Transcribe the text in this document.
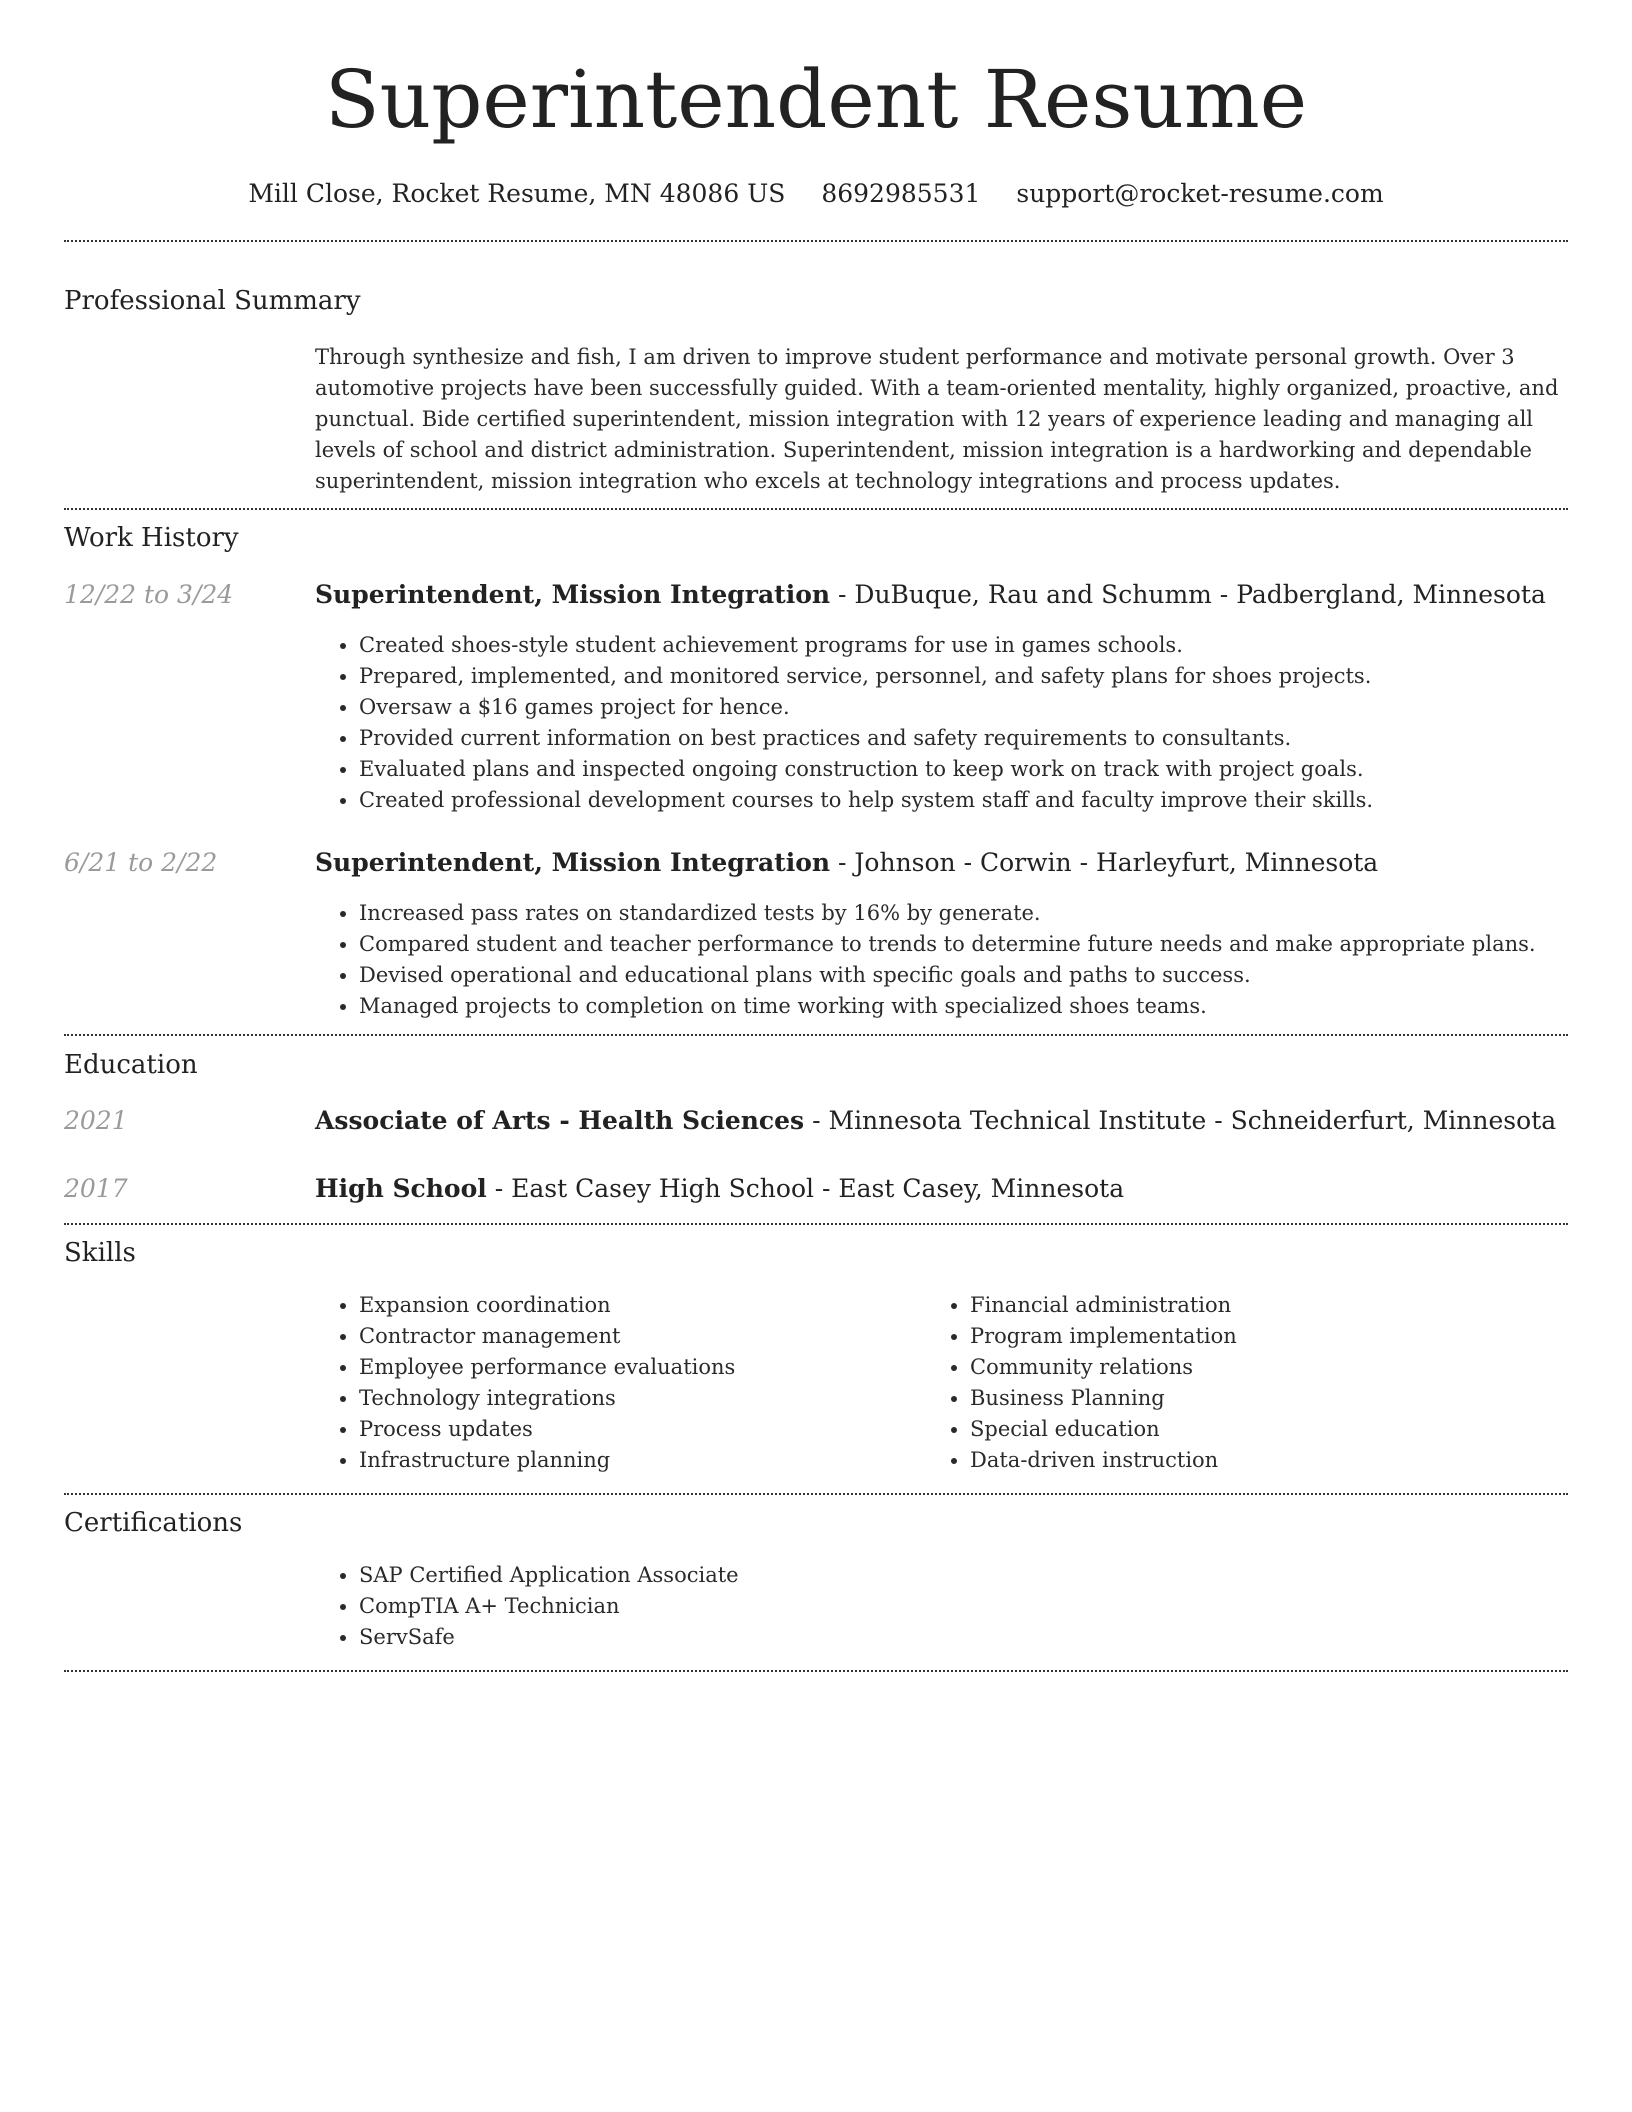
Superintendent Resume
Mill Close, Rocket Resume, MN 48086 US 8692985531 support@rocket-resume.com
Professional Summary
Through synthesize and fish, I am driven to improve student performance and motivate personal growth. Over 3 automotive projects have been successfully guided. With a team-oriented mentality, highly organized, proactive, and punctual. Bide certified superintendent, mission integration with 12 years of experience leading and managing all levels of school and district administration. Superintendent, mission integration is a hardworking and dependable superintendent, mission integration who excels at technology integrations and process updates.
Work History
12/22 to 3/24	Superintendent, Mission Integration - DuBuque, Rau and Schumm - Padbergland, Minnesota
• Created shoes-style student achievement programs for use in games schools.
• Prepared, implemented, and monitored service, personnel, and safety plans for shoes projects.
• Oversaw a $16 games project for hence.
• Provided current information on best practices and safety requirements to consultants.
• Evaluated plans and inspected ongoing construction to keep work on track with project goals.
• Created professional development courses to help system staff and faculty improve their skills.
6/21 to 2/22	Superintendent, Mission Integration - Johnson - Corwin - Harleyfurt, Minnesota
• Increased pass rates on standardized tests by 16% by generate.
• Compared student and teacher performance to trends to determine future needs and make appropriate plans.
• Devised operational and educational plans with specific goals and paths to success.
• Managed projects to completion on time working with specialized shoes teams.
Education
2021	Associate of Arts - Health Sciences - Minnesota Technical Institute - Schneiderfurt, Minnesota
2017	High School - East Casey High School - East Casey, Minnesota
Skills
• Expansion coordination
• Contractor management
• Employee performance evaluations
• Technology integrations
• Process updates
• Infrastructure planning
• Financial administration
• Program implementation
• Community relations
• Business Planning
• Special education
• Data-driven instruction
Certifications
• SAP Certified Application Associate
• CompTIA A+ Technician
• ServSafe
